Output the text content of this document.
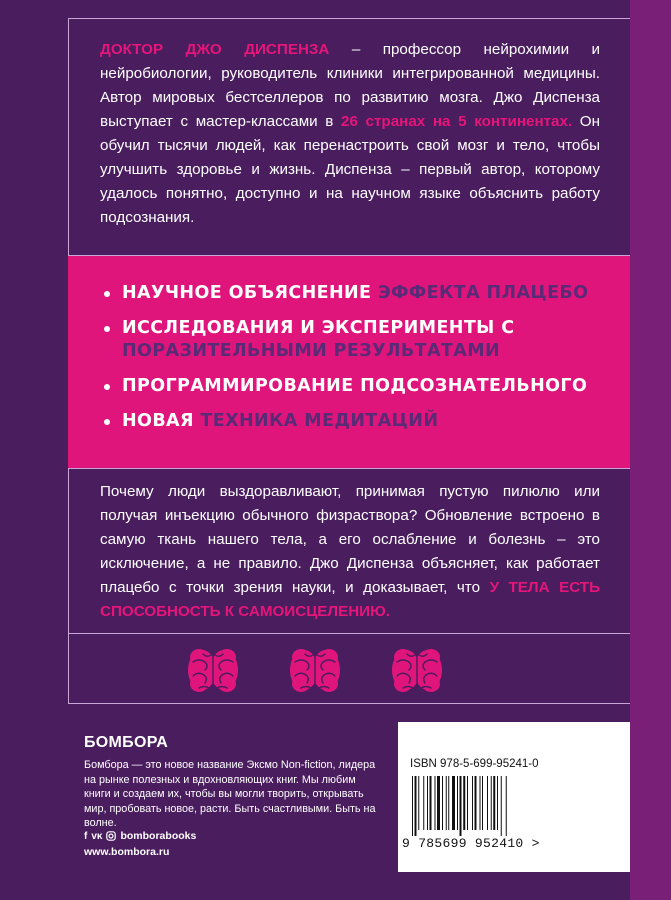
ДОКТОР ДЖО ДИСПЕНЗА – профессор нейрохимии и нейробиологии, руководитель клиники интегрированной медицины. Автор мировых бестселлеров по развитию мозга. Джо Диспенза выступает с мастер-классами в 26 странах на 5 континентах. Он обучил тысячи людей, как перенастроить свой мозг и тело, чтобы улучшить здоровье и жизнь. Диспенза – первый автор, которому удалось понятно, доступно и на научном языке объяснить работу подсознания.

НАУЧНОЕ ОБЪЯСНЕНИЕ ЭФФЕКТА ПЛАЦЕБО
ИССЛЕДОВАНИЯ И ЭКСПЕРИМЕНТЫ С ПОРАЗИТЕЛЬНЫМИ РЕЗУЛЬТАТАМИ
ПРОГРАММИРОВАНИЕ ПОДСОЗНАТЕЛЬНОГО
НОВАЯ ТЕХНИКА МЕДИТАЦИЙ

Почему люди выздоравливают, принимая пустую пилюлю или получая инъекцию обычного физраствора? Обновление встроено в самую ткань нашего тела, а его ослабление и болезнь – это исключение, а не правило. Джо Диспенза объясняет, как работает плацебо с точки зрения науки, и доказывает, что У ТЕЛА ЕСТЬ СПОСОБНОСТЬ К САМОИСЦЕЛЕНИЮ.

БОМБОРА
Бомбора — это новое название Эксмо Non-fiction, лидера на рынке полезных и вдохновляющих книг. Мы любим книги и создаем их, чтобы вы могли творить, открывать мир, пробовать новое, расти. Быть счастливыми. Быть на волне.
f ᴠᴋ bomborabooks
www.bombora.ru
ISBN 978-5-699-95241-0
9 785699 952410 >
